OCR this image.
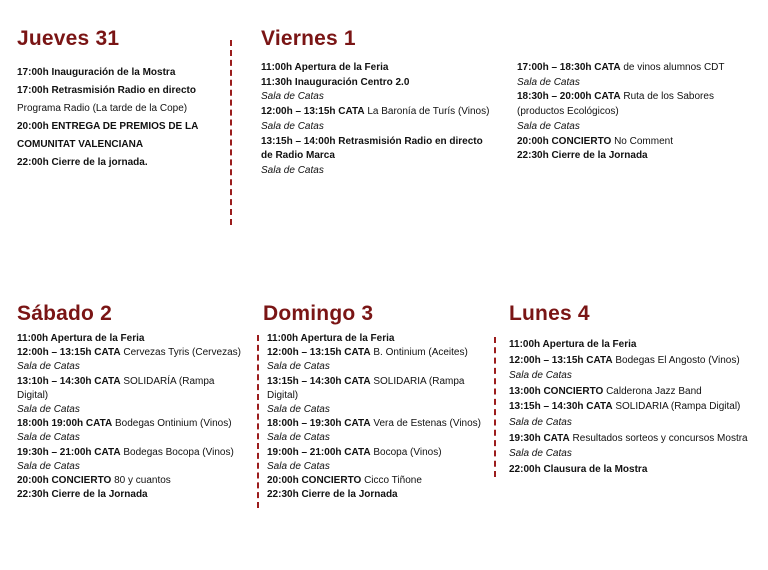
Jueves 31
17:00h Inauguración de la Mostra
17:00h Retrasmisión Radio en directo
Programa Radio (La tarde de la Cope)
20:00h ENTREGA DE PREMIOS DE LA
COMUNITAT VALENCIANA
22:00h Cierre de la jornada.
Viernes 1
11:00h Apertura de la Feria
11:30h Inauguración Centro 2.0
Sala de Catas
12:00h – 13:15h CATA La Baronía de Turís (Vinos)
Sala de Catas
13:15h – 14:00h Retrasmisión Radio en directo
de Radio Marca
Sala de Catas
17:00h – 18:30h CATA de vinos alumnos CDT
Sala de Catas
18:30h – 20:00h CATA Ruta de los Sabores
(productos Ecológicos)
Sala de Catas
20:00h CONCIERTO No Comment
22:30h Cierre de la Jornada
Sábado 2
11:00h Apertura de la Feria
12:00h – 13:15h CATA Cervezas Tyris (Cervezas)
Sala de Catas
13:10h – 14:30h CATA SOLIDARÍA (Rampa
Digital)
Sala de Catas
18:00h 19:00h CATA Bodegas Ontinium (Vinos)
Sala de Catas
19:30h – 21:00h CATA Bodegas Bocopa (Vinos)
Sala de Catas
20:00h CONCIERTO 80 y cuantos
22:30h Cierre de la Jornada
Domingo 3
11:00h Apertura de la Feria
12:00h – 13:15h CATA B. Ontinium (Aceites)
Sala de Catas
13:15h – 14:30h CATA SOLIDARIA (Rampa
Digital)
Sala de Catas
18:00h – 19:30h CATA Vera de Estenas (Vinos)
Sala de Catas
19:00h – 21:00h CATA Bocopa (Vinos)
Sala de Catas
20:00h CONCIERTO Cicco Tiñone
22:30h Cierre de la Jornada
Lunes 4
11:00h Apertura de la Feria
12:00h – 13:15h CATA Bodegas El Angosto (Vinos)
Sala de Catas
13:00h CONCIERTO Calderona Jazz Band
13:15h – 14:30h CATA SOLIDARIA (Rampa Digital)
Sala de Catas
19:30h CATA Resultados sorteos y concursos Mostra
Sala de Catas
22:00h Clausura de la Mostra
